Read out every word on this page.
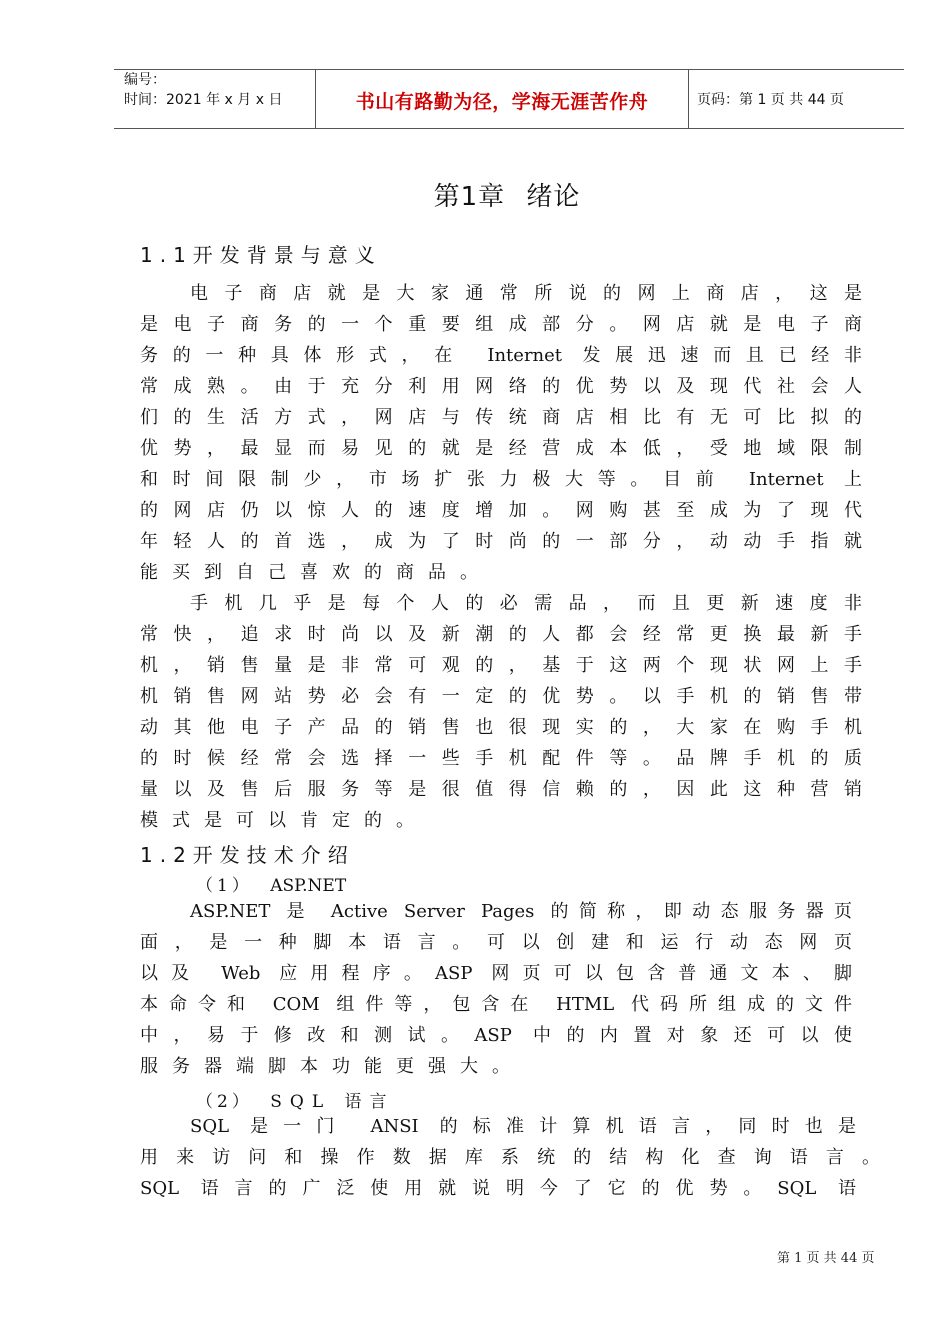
编号：
时间：2021 年 x 月 x 日	书山有路勤为径，学海无涯苦作舟	页码：第 1 页 共 44 页
第1章 绪论
1.1开发背景与意义
电子商店就是大家通常所说的网上商店，这是
是电子商务的一个重要组成部分。网店就是电子商
务的一种具体形式，在 Internet 发展迅速而且已经非
常成熟。由于充分利用网络的优势以及现代社会人
们的生活方式，网店与传统商店相比有无可比拟的
优势，最显而易见的就是经营成本低，受地域限制
和时间限制少，市场扩张力极大等。目前 Internet 上
的网店仍以惊人的速度增加。网购甚至成为了现代
年轻人的首选，成为了时尚的一部分，动动手指就
能买到自己喜欢的商品。
手机几乎是每个人的必需品，而且更新速度非
常快，追求时尚以及新潮的人都会经常更换最新手
机，销售量是非常可观的，基于这两个现状网上手
机销售网站势必会有一定的优势。以手机的销售带
动其他电子产品的销售也很现实的，大家在购手机
的时候经常会选择一些手机配件等。品牌手机的质
量以及售后服务等是很值得信赖的，因此这种营销
模式是可以肯定的。
1.2开发技术介绍
（1） ASP.NET
ASP.NET 是 Active Server Pages 的简称，即动态服务器页
面，是一种脚本语言。可以创建和运行动态网页
以及 Web 应用程序。ASP 网页可以包含普通文本、脚
本命令和 COM 组件等，包含在 HTML 代码所组成的文件
中，易于修改和测试。ASP 中的内置对象还可以使
服务器端脚本功能更强大。
（2） SQL 语言
SQL 是一门 ANSI 的标准计算机语言，同时也是
用来访问和操作数据库系统的结构化查询语言。
SQL 语言的广泛使用就说明今了它的优势。SQL 语
第 1 页 共 44 页
